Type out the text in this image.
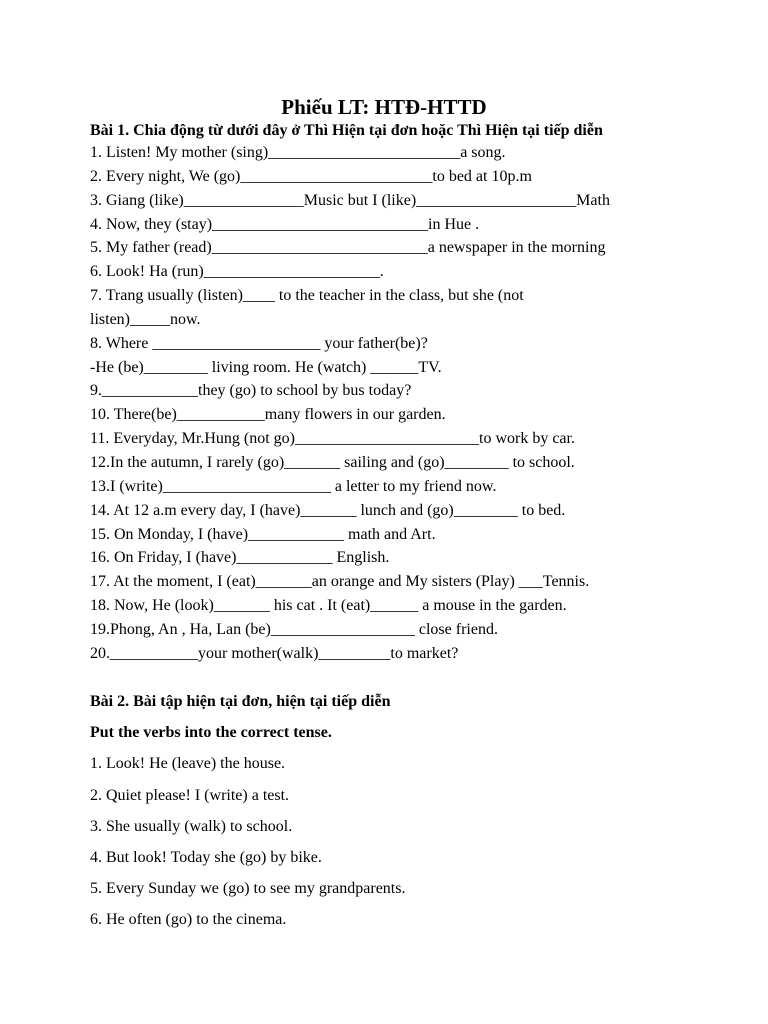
Phiếu LT: HTĐ-HTTD
Bài 1. Chia động từ dưới đây ở Thì Hiện tại đơn hoặc Thì Hiện tại tiếp diễn
1. Listen! My mother (sing)________________________a song.
2. Every night, We (go)________________________to bed at 10p.m
3. Giang (like)_______________Music but I (like)____________________Math
4. Now, they (stay)___________________________in Hue .
5. My father (read)___________________________a newspaper in the morning
6. Look! Ha (run)______________________.
7. Trang usually (listen)____ to the teacher in the class, but she (not
listen)_____now.
8. Where _____________________ your father(be)?
-He (be)________ living room. He (watch) ______TV.
9.____________they (go) to school by bus today?
10. There(be)___________many flowers in our garden.
11. Everyday, Mr.Hung (not go)_______________________to work by car.
12.In the autumn, I rarely (go)_______ sailing and (go)________ to school.
13.I (write)_____________________ a letter to my friend now.
14. At 12 a.m every day, I (have)_______ lunch and (go)________ to bed.
15. On Monday, I (have)____________ math and Art.
16. On Friday, I (have)____________ English.
17. At the moment, I (eat)_______an orange and My sisters (Play) ___Tennis.
18. Now, He (look)_______ his cat . It (eat)______ a mouse in the garden.
19.Phong, An , Ha, Lan (be)__________________ close friend.
20.___________your mother(walk)_________to market?
Bài 2. Bài tập hiện tại đơn, hiện tại tiếp diễn
Put the verbs into the correct tense.
1. Look! He (leave) the house.
2. Quiet please! I (write) a test.
3. She usually (walk) to school.
4. But look! Today she (go) by bike.
5. Every Sunday we (go) to see my grandparents.
6. He often (go) to the cinema.
